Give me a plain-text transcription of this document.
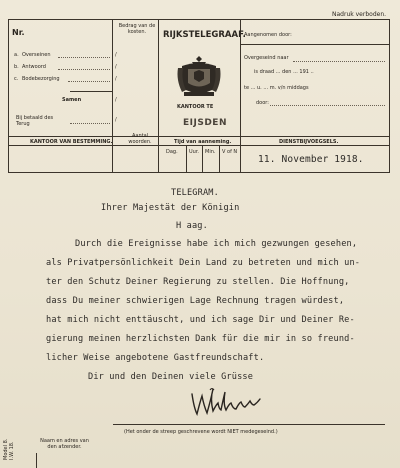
Nadruk verboden.
Nr.
Bedrag van de kosten.
a. Overseinen
b. Antwoord
c. Bodebezorging
Samen
Bij betaald des Terug
/
/
/
/
/
RIJKSTELEGRAAF.
KANTOOR TE
EIJSDEN
Aangenomen door:
Overgeseind naar
is draad ... den ... 191 ..
te ... u. ... m. v/n middags
door:
KANTOOR VAN BESTEMMING.
Aantal woorden.	Tijd van aanneming.	DIENSTBIJVOEGSELS.
Dag. Uur. Min. V of N
11. November 1918.
TELEGRAM.
Ihrer Majestät der Königin
H aag.
Durch die Ereignisse habe ich mich gezwungen gesehen,
als Privatpersönlichkeit Dein Land zu betreten und mich un-
ter den Schutz Deiner Regierung zu stellen. Die Hoffnung,
dass Du meiner schwierigen Lage Rechnung tragen würdest,
hat mich nicht enttäuscht, und ich sage Dir und Deiner Re-
gierung meinen herzlichsten Dank für die mir in so freund-
licher Weise angebotene Gastfreundschaft.
Dir und den Deinen viele Grüsse
(Het onder de streep geschrevene wordt NIET medegeseind.)
Naam en adres van den afzender.
Model 8. I.W. 18.
